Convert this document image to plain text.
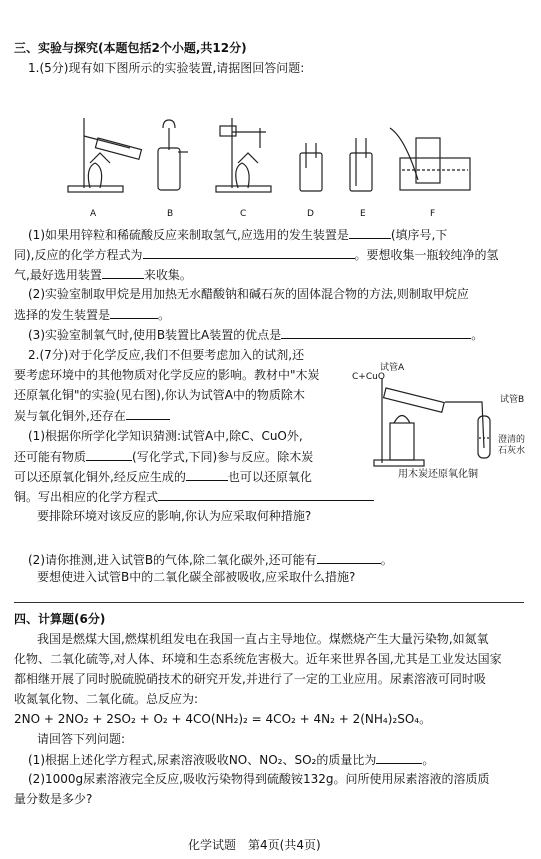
三、实验与探究(本题包括2个小题,共12分)
1.(5分)现有如下图所示的实验装置,请据图回答问题:
A	B	C	D	E	F
(1)如果用锌粒和稀硫酸反应来制取氢气,应选用的发生装置是	(填序号,下
同),反应的化学方程式为	。要想收集一瓶较纯净的氢
气,最好选用装置	来收集。
(2)实验室制取甲烷是用加热无水醋酸钠和碱石灰的固体混合物的方法,则制取甲烷应
选择的发生装置是	。
(3)实验室制氧气时,使用B装置比A装置的优点是	。
2.(7分)对于化学反应,我们不但要考虑加入的试剂,还
要考虑环境中的其他物质对化学反应的影响。教材中"木炭
还原氧化铜"的实验(见右图),你认为试管A中的物质除木
炭与氧化铜外,还存在
(1)根据你所学化学知识猜测:试管A中,除C、CuO外,
还可能有物质	(写化学式,下同)参与反应。除木炭
可以还原氧化铜外,经反应生成的	也可以还原氧化
铜。写出相应的化学方程式
要排除环境对该反应的影响,你认为应采取何种措施?
试管A
C+CuO
试管B
澄清的
石灰水
用木炭还原氧化铜
(2)请你推测,进入试管B的气体,除二氧化碳外,还可能有	。
要想使进入试管B中的二氧化碳全部被吸收,应采取什么措施?
四、计算题(6分)
我国是燃煤大国,燃煤机组发电在我国一直占主导地位。煤燃烧产生大量污染物,如氮氧
化物、二氧化硫等,对人体、环境和生态系统危害极大。近年来世界各国,尤其是工业发达国家
都相继开展了同时脱硫脱硝技术的研究开发,并进行了一定的工业应用。尿素溶液可同时吸
收氮氧化物、二氧化硫。总反应为:
2NO + 2NO₂ + 2SO₂ + O₂ + 4CO(NH₂)₂ = 4CO₂ + 4N₂ + 2(NH₄)₂SO₄。
请回答下列问题:
(1)根据上述化学方程式,尿素溶液吸收NO、NO₂、SO₂的质量比为	。
(2)1000g尿素溶液完全反应,吸收污染物得到硫酸铵132g。问所使用尿素溶液的溶质质
量分数是多少?
化学试题　第4页(共4页)
